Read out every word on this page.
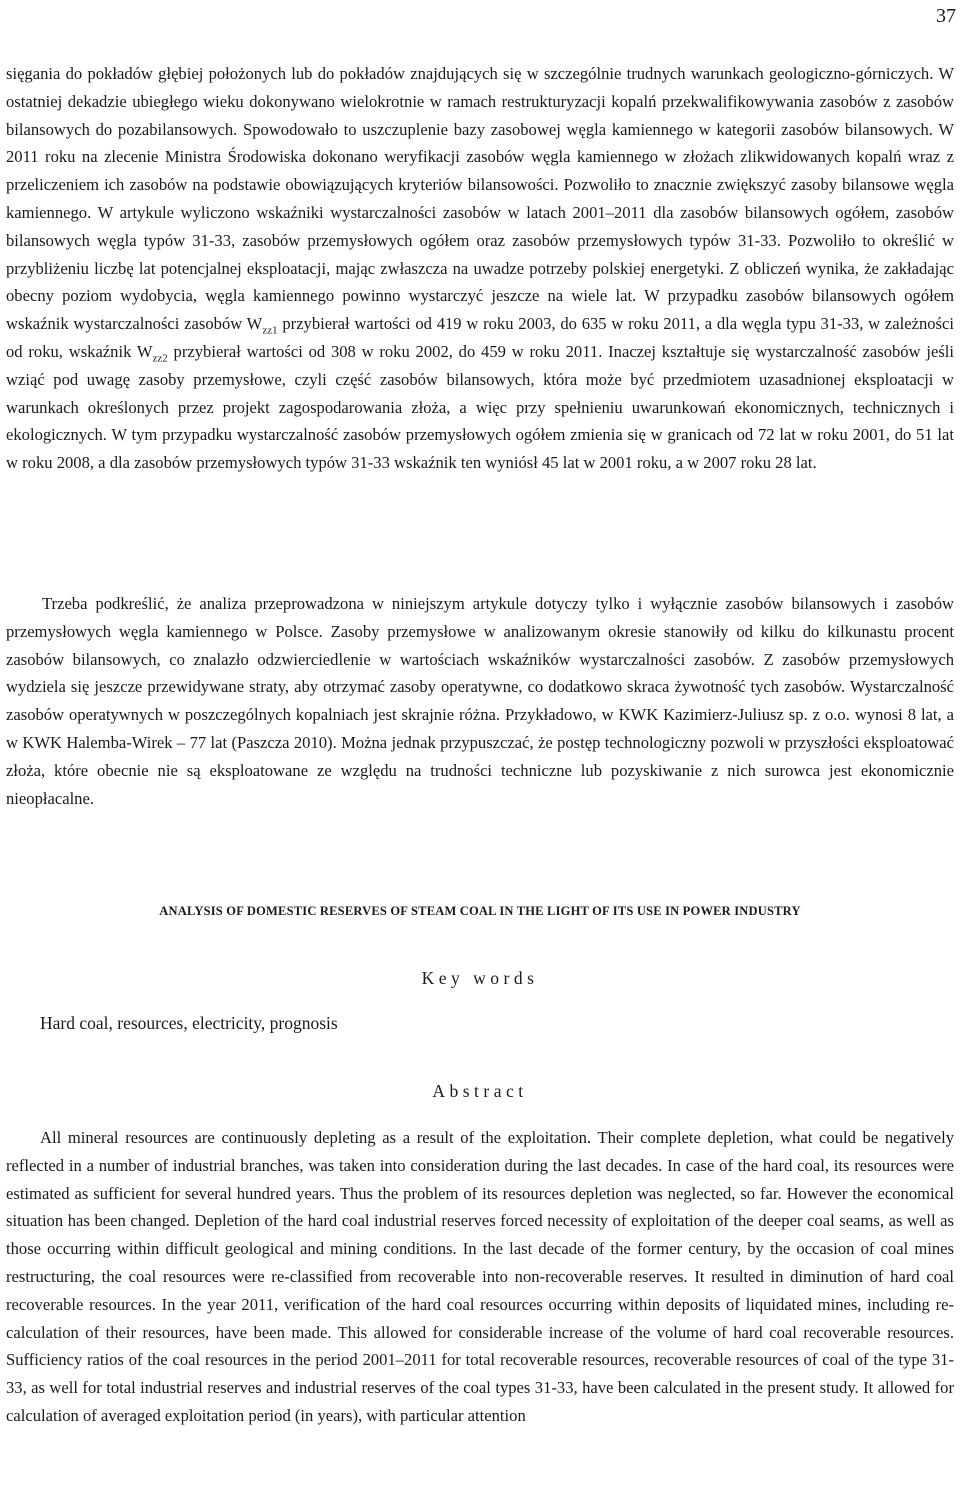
37

sięgania do pokładów głębiej położonych lub do pokładów znajdujących się w szczególnie trudnych warunkach geologiczno-górniczych. W ostatniej dekadzie ubiegłego wieku dokonywano wielokrotnie w ramach restrukturyzacji kopalń przekwalifikowywania zasobów z zasobów bilansowych do pozabilansowych. Spowodowało to uszczuplenie bazy zasobowej węgla kamiennego w kategorii zasobów bilansowych. W 2011 roku na zlecenie Ministra Środowiska dokonano weryfikacji zasobów węgla kamiennego w złożach zlikwidowanych kopalń wraz z przeliczeniem ich zasobów na podstawie obowiązujących kryteriów bilansowości. Pozwoliło to znacznie zwiększyć zasoby bilansowe węgla kamiennego. W artykule wyliczono wskaźniki wystarczalności zasobów w latach 2001–2011 dla zasobów bilansowych ogółem, zasobów bilansowych węgla typów 31-33, zasobów przemysłowych ogółem oraz zasobów przemysłowych typów 31-33. Pozwoliło to określić w przybliżeniu liczbę lat potencjalnej eksploatacji, mając zwłaszcza na uwadze potrzeby polskiej energetyki. Z obliczeń wynika, że zakładając obecny poziom wydobycia, węgla kamiennego powinno wystarczyć jeszcze na wiele lat. W przypadku zasobów bilansowych ogółem wskaźnik wystarczalności zasobów $W_{zz1}$ przybierał wartości od 419 w roku 2003, do 635 w roku 2011, a dla węgla typu 31-33, w zależności od roku, wskaźnik $W_{zz2}$ przybierał wartości od 308 w roku 2002, do 459 w roku 2011. Inaczej kształtuje się wystarczalność zasobów jeśli wziąć pod uwagę zasoby przemysłowe, czyli część zasobów bilansowych, która może być przedmiotem uzasadnionej eksploatacji w warunkach określonych przez projekt zagospodarowania złoża, a więc przy spełnieniu uwarunkowań ekonomicznych, technicznych i ekologicznych. W tym przypadku wystarczalność zasobów przemysłowych ogółem zmienia się w granicach od 72 lat w roku 2001, do 51 lat w roku 2008, a dla zasobów przemysłowych typów 31-33 wskaźnik ten wyniósł 45 lat w 2001 roku, a w 2007 roku 28 lat.

Trzeba podkreślić, że analiza przeprowadzona w niniejszym artykule dotyczy tylko i wyłącznie zasobów bilansowych i zasobów przemysłowych węgla kamiennego w Polsce. Zasoby przemysłowe w analizowanym okresie stanowiły od kilku do kilkunastu procent zasobów bilansowych, co znalazło odzwierciedlenie w wartościach wskaźników wystarczalności zasobów. Z zasobów przemysłowych wydziela się jeszcze przewidywane straty, aby otrzymać zasoby operatywne, co dodatkowo skraca żywotność tych zasobów. Wystarczalność zasobów operatywnych w poszczególnych kopalniach jest skrajnie różna. Przykładowo, w KWK Kazimierz-Juliusz sp. z o.o. wynosi 8 lat, a w KWK Halemba-Wirek – 77 lat (Paszcza 2010). Można jednak przypuszczać, że postęp technologiczny pozwoli w przyszłości eksploatować złoża, które obecnie nie są eksploatowane ze względu na trudności techniczne lub pozyskiwanie z nich surowca jest ekonomicznie nieopłacalne.

ANALYSIS OF DOMESTIC RESERVES OF STEAM COAL IN THE LIGHT OF ITS USE IN POWER INDUSTRY
Key words
Hard coal, resources, electricity, prognosis
Abstract

All mineral resources are continuously depleting as a result of the exploitation. Their complete depletion, what could be negatively reflected in a number of industrial branches, was taken into consideration during the last decades. In case of the hard coal, its resources were estimated as sufficient for several hundred years. Thus the problem of its resources depletion was neglected, so far. However the economical situation has been changed. Depletion of the hard coal industrial reserves forced necessity of exploitation of the deeper coal seams, as well as those occurring within difficult geological and mining conditions. In the last decade of the former century, by the occasion of coal mines restructuring, the coal resources were re-classified from recoverable into non-recoverable reserves. It resulted in diminution of hard coal recoverable resources. In the year 2011, verification of the hard coal resources occurring within deposits of liquidated mines, including re-calculation of their resources, have been made. This allowed for considerable increase of the volume of hard coal recoverable resources. Sufficiency ratios of the coal resources in the period 2001–2011 for total recoverable resources, recoverable resources of coal of the type 31-33, as well for total industrial reserves and industrial reserves of the coal types 31-33, have been calculated in the present study. It allowed for calculation of averaged exploitation period (in years), with particular attention
